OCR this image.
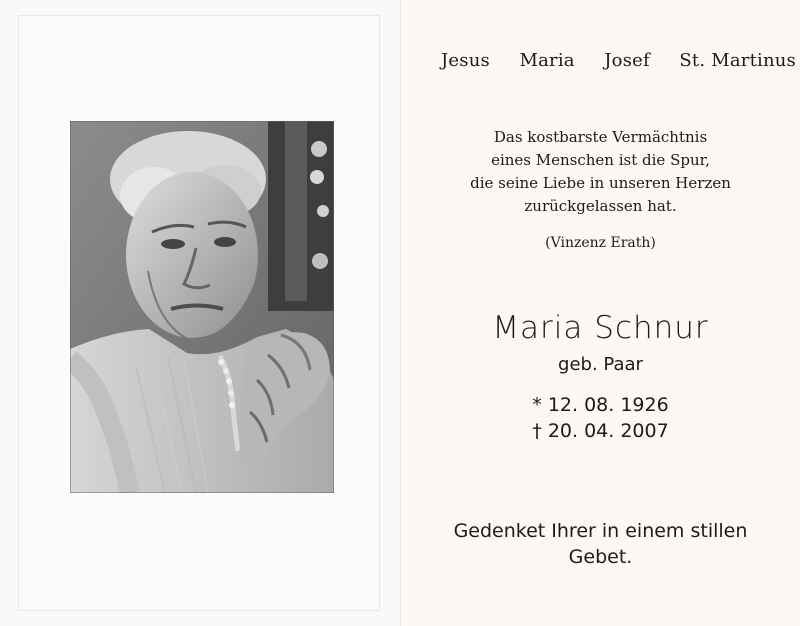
Jesus Maria Josef St. Martinus
Das kostbarste Vermächtnis
eines Menschen ist die Spur,
die seine Liebe in unseren Herzen
zurückgelassen hat.
(Vinzenz Erath)
Maria Schnur
geb. Paar
* 12. 08. 1926
† 20. 04. 2007
Gedenket Ihrer in einem stillen
Gebet.
